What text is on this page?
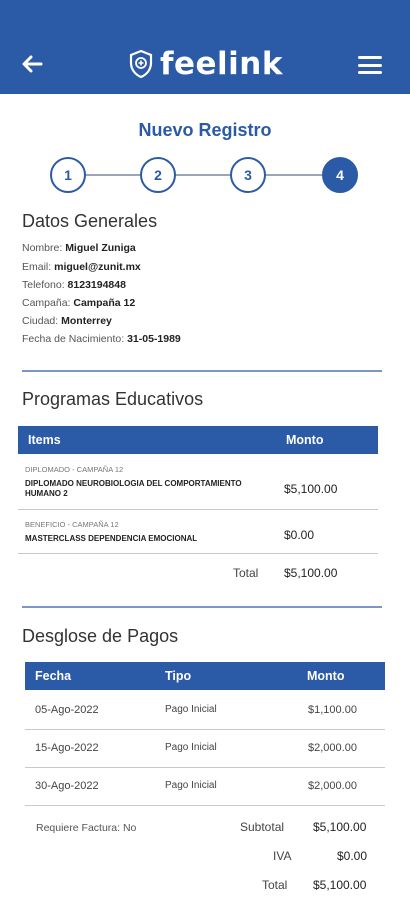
feelink
Nuevo Registro
1	2	3	4
Datos Generales
Nombre: Miguel Zuniga
Email: miguel@zunit.mx
Telefono: 8123194848
Campaña: Campaña 12
Ciudad: Monterrey
Fecha de Nacimiento: 31-05-1989
Programas Educativos
Items	Monto
DIPLOMADO - CAMPAÑA 12
DIPLOMADO NEUROBIOLOGIA DEL COMPORTAMIENTO HUMANO 2	$5,100.00
BENEFICIO - CAMPAÑA 12
MASTERCLASS DEPENDENCIA EMOCIONAL	$0.00
Total $5,100.00
Desglose de Pagos
Fecha	Tipo	Monto
05-Ago-2022	Pago Inicial	$1,100.00
15-Ago-2022	Pago Inicial	$2,000.00
30-Ago-2022	Pago Inicial	$2,000.00
Requiere Factura: No	Subtotal $5,100.00
IVA	$0.00
Total $5,100.00
